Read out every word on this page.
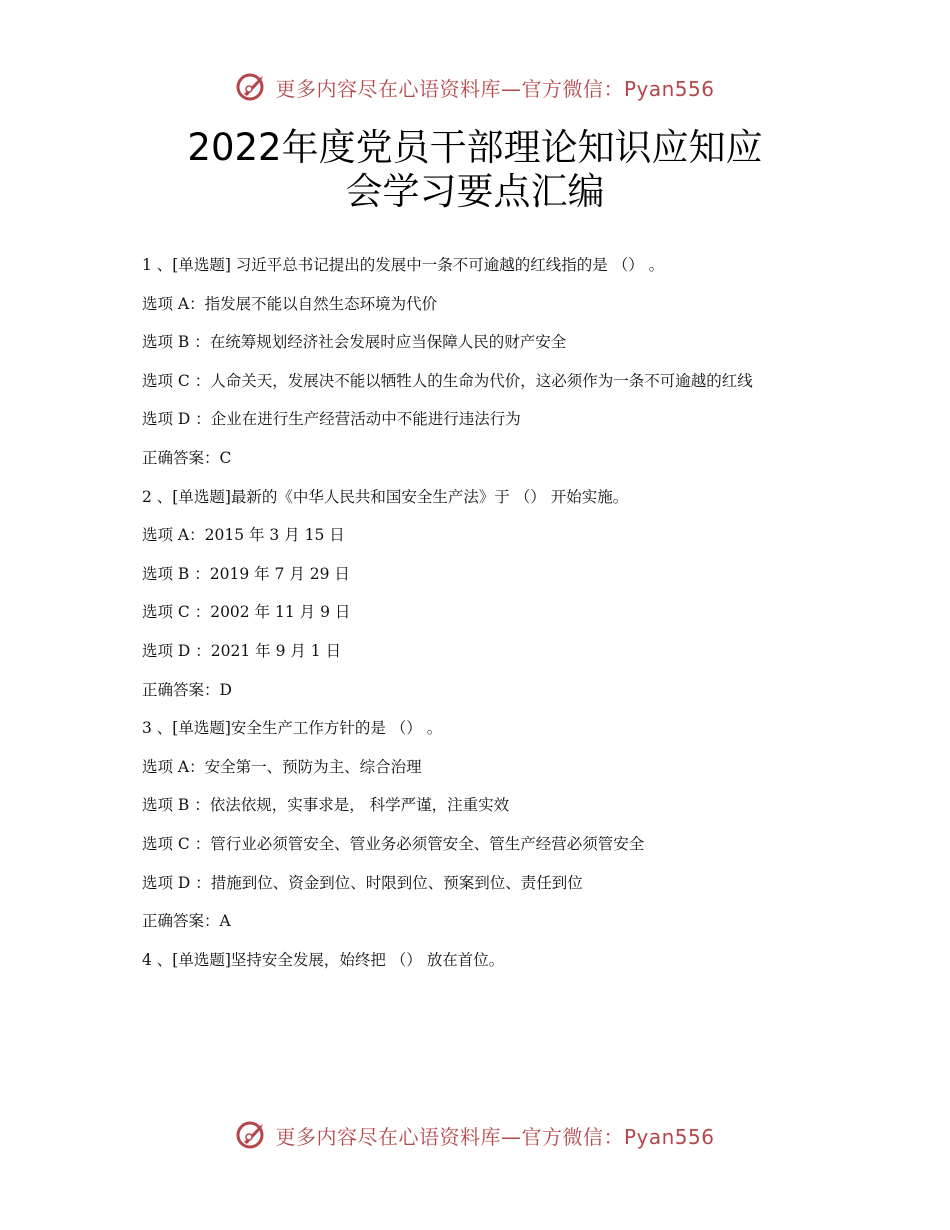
更多内容尽在心语资料库—官方微信：Pyan556
2022年度党员干部理论知识应知应
会学习要点汇编
1 、[单选题] 习近平总书记提出的发展中一条不可逾越的红线指的是 （） 。
选项 A：指发展不能以自然生态环境为代价
选项 B ：在统筹规划经济社会发展时应当保障人民的财产安全
选项 C ：人命关天，发展决不能以牺牲人的生命为代价，这必须作为一条不可逾越的红线
选项 D ：企业在进行生产经营活动中不能进行违法行为
正确答案：C
2 、[单选题]最新的《中华人民共和国安全生产法》于 （） 开始实施。
选项 A：2015 年 3 月 15 日
选项 B ：2019 年 7 月 29 日
选项 C ：2002 年 11 月 9 日
选项 D ：2021 年 9 月 1 日
正确答案：D
3 、[单选题]安全生产工作方针的是 （） 。
选项 A：安全第一、预防为主、综合治理
选项 B ：依法依规，实事求是， 科学严谨，注重实效
选项 C ：管行业必须管安全、管业务必须管安全、管生产经营必须管安全
选项 D ：措施到位、资金到位、时限到位、预案到位、责任到位
正确答案：A
4 、[单选题]坚持安全发展，始终把 （） 放在首位。
更多内容尽在心语资料库—官方微信：Pyan556
